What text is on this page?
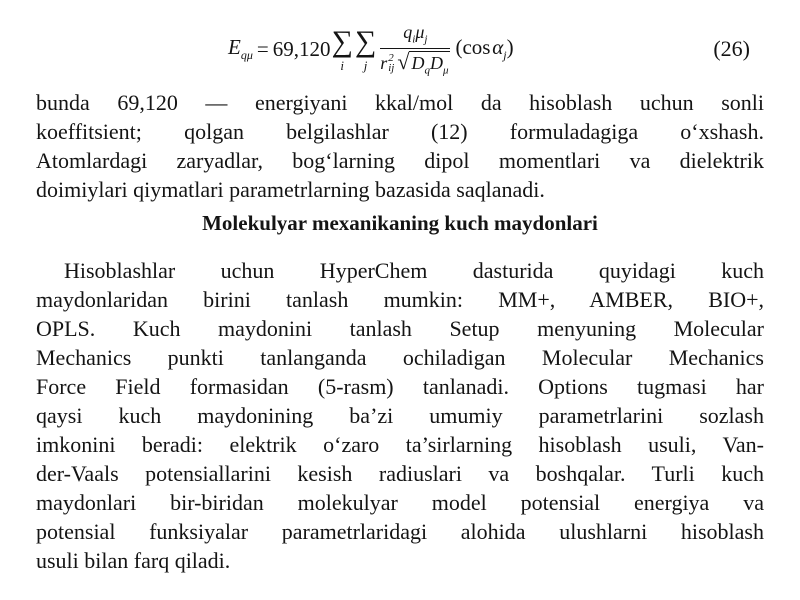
$E_{q\mu} = 69,120$ ∑
i
∑
j $q_i\mu_j$
r 2
ij √ $D_qD_\mu$ (cos $\alpha_j$)	(26)
bunda 69,120 — energiyani kkal/mol da hisoblash uchun sonli
koeffitsient; qolgan belgilashlar (12) formuladagiga o‘xshash.
Atomlardagi zaryadlar, bog‘larning dipol momentlari va dielektrik
doimiylari qiymatlari parametrlarning bazasida saqlanadi.
Molekulyar mexanikaning kuch maydonlari
Hisoblashlar uchun HyperChem dasturida quyidagi kuch
maydonlaridan birini tanlash mumkin: MM+, AMBER, BIO+,
OPLS. Kuch maydonini tanlash Setup menyuning Molecular
Mechanics punkti tanlanganda ochiladigan Molecular Mechanics
Force Field formasidan (5-rasm) tanlanadi. Options tugmasi har
qaysi kuch maydonining ba’zi umumiy parametrlarini sozlash
imkonini beradi: elektrik o‘zaro ta’sirlarning hisoblash usuli, Van-
der-Vaals potensiallarini kesish radiuslari va boshqalar. Turli kuch
maydonlari bir-biridan molekulyar model potensial energiya va
potensial funksiyalar parametrlaridagi alohida ulushlarni hisoblash
usuli bilan farq qiladi.
